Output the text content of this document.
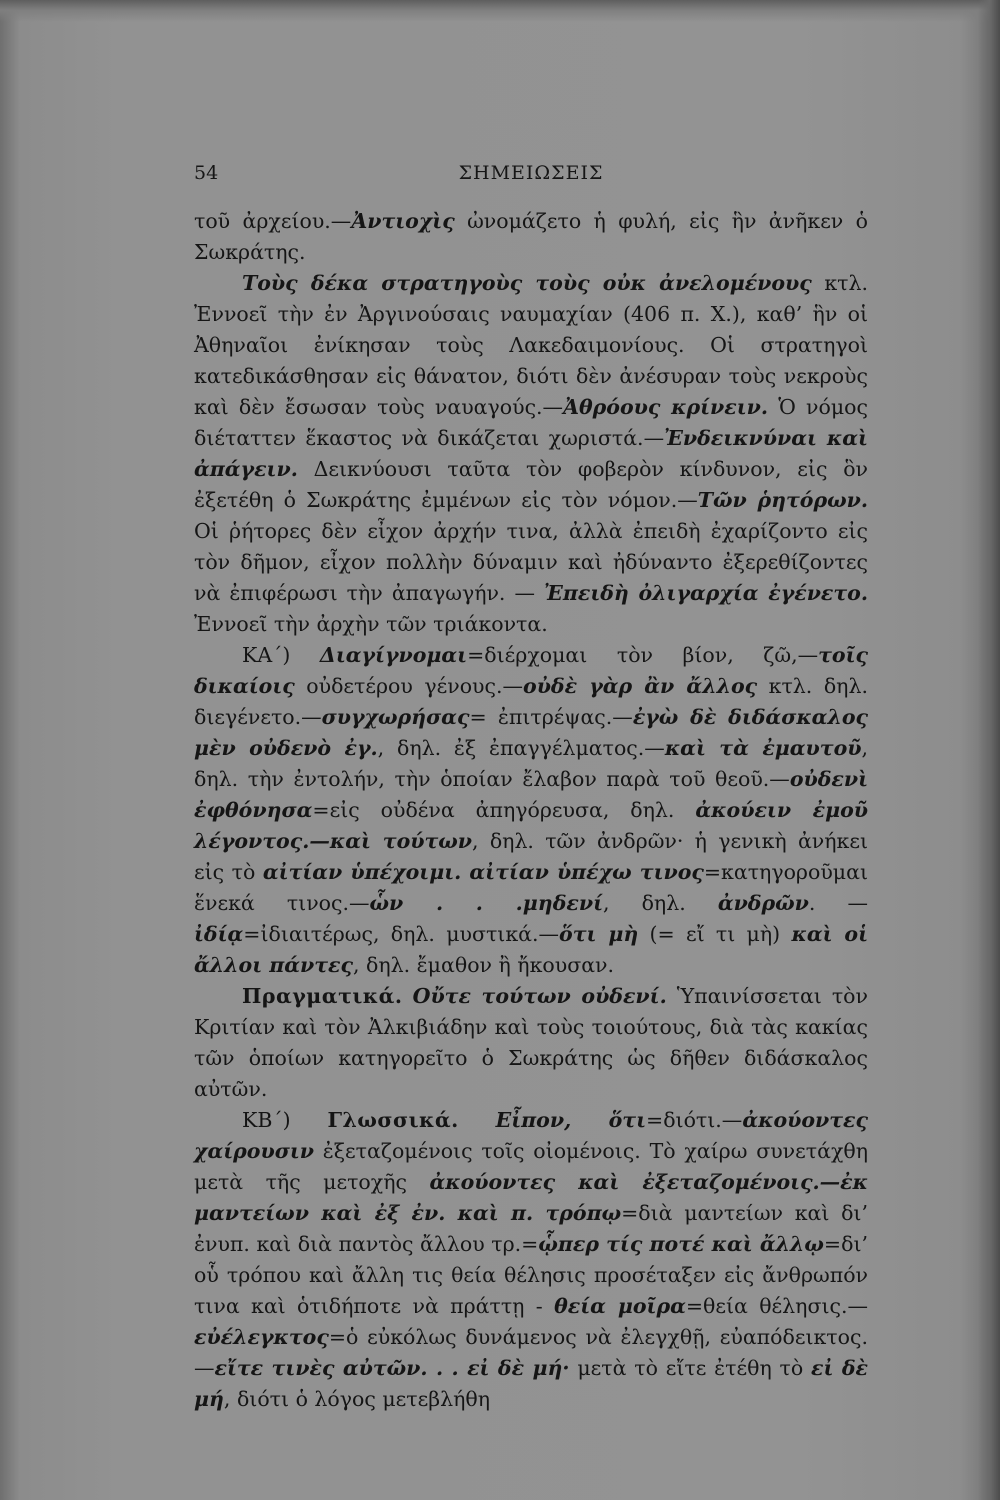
54	ΣΗΜΕΙΩΣΕΙΣ

τοῦ ἀρχείου.—Ἀντιοχὶς ὠνομάζετο ἡ φυλή, εἰς ἣν ἀνῆκεν ὁ Σωκράτης.

Τοὺς δέκα στρατηγοὺς τοὺς οὐκ ἀνελομένους κτλ. Ἐννοεῖ τὴν ἐν Ἀργινούσαις ναυμαχίαν (406 π. Χ.), καθ’ ἣν οἱ Ἀθηναῖοι ἐνίκησαν τοὺς Λακεδαιμονίους. Οἱ στρατηγοὶ κατεδικάσθησαν εἰς θάνατον, διότι δὲν ἀνέσυραν τοὺς νεκροὺς καὶ δὲν ἔσωσαν τοὺς ναυαγούς.—Ἀθρόους κρίνειν. Ὁ νόμος διέταττεν ἕκαστος νὰ δικάζεται χωριστά.—Ἐνδεικνύναι καὶ ἀπάγειν. Δεικνύουσι ταῦτα τὸν φοβερὸν κίνδυνον, εἰς ὃν ἐξετέθη ὁ Σωκράτης ἐμμένων εἰς τὸν νόμον.—Τῶν ῥητόρων. Οἱ ῥήτορες δὲν εἶχον ἀρχήν τινα, ἀλλὰ ἐπειδὴ ἐχαρίζοντο εἰς τὸν δῆμον, εἶχον πολλὴν δύναμιν καὶ ἠδύναντο ἐξερεθίζοντες νὰ ἐπιφέρωσι τὴν ἀπαγωγήν. — Ἐπειδὴ ὀλιγαρχία ἐγένετο. Ἐννοεῖ τὴν ἀρχὴν τῶν τριάκοντα.

ΚΑ΄) Διαγίγνομαι=διέρχομαι τὸν βίον, ζῶ,—τοῖς δικαίοις οὐδετέρου γένους.—οὐδὲ γὰρ ἂν ἄλλος κτλ. δηλ. διεγένετο.—συγχωρήσας= ἐπιτρέψας.—ἐγὼ δὲ διδάσκαλος μὲν οὐδενὸ ἐγ., δηλ. ἐξ ἐπαγγέλματος.—καὶ τὰ ἐμαυτοῦ, δηλ. τὴν ἐντολήν, τὴν ὁποίαν ἔλαβον παρὰ τοῦ θεοῦ.—οὐδενὶ ἐφθόνησα=εἰς οὐδένα ἀπηγόρευσα, δηλ. ἀκούειν ἐμοῦ λέγοντος.—καὶ τούτων, δηλ. τῶν ἀνδρῶν· ἡ γενικὴ ἀνήκει εἰς τὸ αἰτίαν ὑπέχοιμι. αἰτίαν ὑπέχω τινος=κατηγοροῦμαι ἕνεκά τινος.—ὧν . . .μηδενί, δηλ. ἀνδρῶν. — ἰδίᾳ=ἰδιαιτέρως, δηλ. μυστικά.—ὅτι μὴ (= εἴ τι μὴ) καὶ οἱ ἄλλοι πάντες, δηλ. ἔμαθον ἢ ἤκουσαν.

Πραγματικά. Οὔτε τούτων οὐδενί. Ὑπαινίσσεται τὸν Κριτίαν καὶ τὸν Ἀλκιβιάδην καὶ τοὺς τοιούτους, διὰ τὰς κακίας τῶν ὁποίων κατηγορεῖτο ὁ Σωκράτης ὡς δῆθεν διδάσκαλος αὐτῶν.

ΚΒ΄) Γλωσσικά. Εἶπον, ὅτι=διότι.—ἀκούοντες χαίρουσιν ἐξεταζομένοις τοῖς οἰομένοις. Τὸ χαίρω συνετάχθη μετὰ τῆς μετοχῆς ἀκούοντες καὶ ἐξεταζομένοις.—ἐκ μαντείων καὶ ἐξ ἐν. καὶ π. τρόπῳ=διὰ μαντείων καὶ δι’ ἐνυπ. καὶ διὰ παντὸς ἄλλου τρ.=ᾧπερ τίς ποτέ καὶ ἄλλῳ=δι’ οὗ τρόπου καὶ ἄλλη τις θεία θέλησις προσέταξεν εἰς ἄνθρωπόν τινα καὶ ὁτιδήποτε νὰ πράττῃ - θεία μοῖρα=θεία θέλησις.—εὐέλεγκτος=ὁ εὐκόλως δυνάμενος νὰ ἐλεγχθῇ, εὐαπόδεικτος.—εἴτε τινὲς αὐτῶν. . . εἰ δὲ μή· μετὰ τὸ εἴτε ἐτέθη τὸ εἰ δὲ μή, διότι ὁ λόγος μετεβλήθη
